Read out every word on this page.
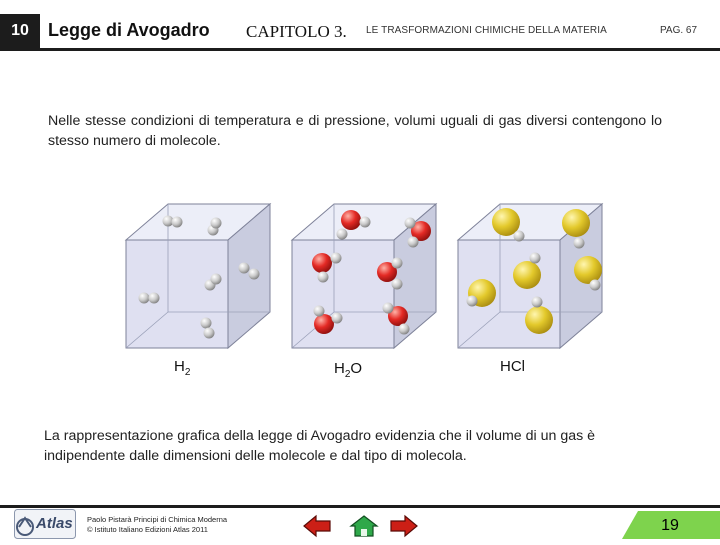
10	Legge di Avogadro CAPITOLO 3. LE TRASFORMAZIONI CHIMICHE DELLA MATERIA	PAG. 67
Nelle stesse condizioni di temperatura e di pressione, volumi uguali di gas diversi contengono lo stesso numero di molecole.
$H_2$	$H_2O$	HCl
La rappresentazione grafica della legge di Avogadro evidenzia che il volume di un gas è indipendente dalle dimensioni delle molecole e dal tipo di molecola.
Atlas Paolo Pistarà Principi di Chimica Moderna
© Istituto Italiano Edizioni Atlas 2011	19
